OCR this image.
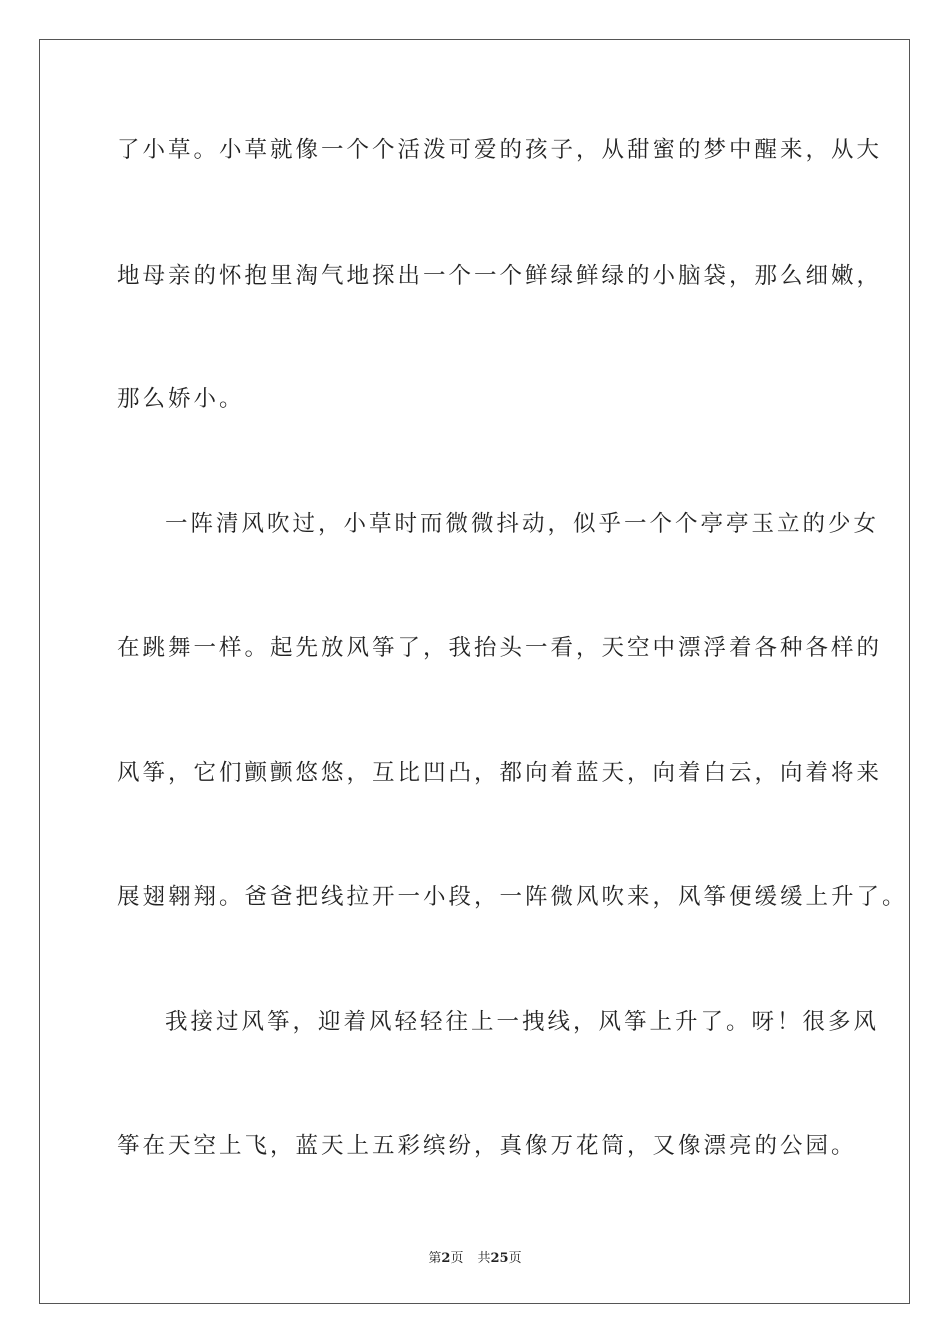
了小草。小草就像一个个活泼可爱的孩子，从甜蜜的梦中醒来，从大
地母亲的怀抱里淘气地探出一个一个鲜绿鲜绿的小脑袋，那么细嫩，
那么娇小。
一阵清风吹过，小草时而微微抖动，似乎一个个亭亭玉立的少女
在跳舞一样。起先放风筝了，我抬头一看，天空中漂浮着各种各样的
风筝，它们颤颤悠悠，互比凹凸，都向着蓝天，向着白云，向着将来
展翅翱翔。爸爸把线拉开一小段，一阵微风吹来，风筝便缓缓上升了。
我接过风筝，迎着风轻轻往上一拽线，风筝上升了。呀！很多风
筝在天空上飞，蓝天上五彩缤纷，真像万花筒，又像漂亮的公园。
第2页 共25页
